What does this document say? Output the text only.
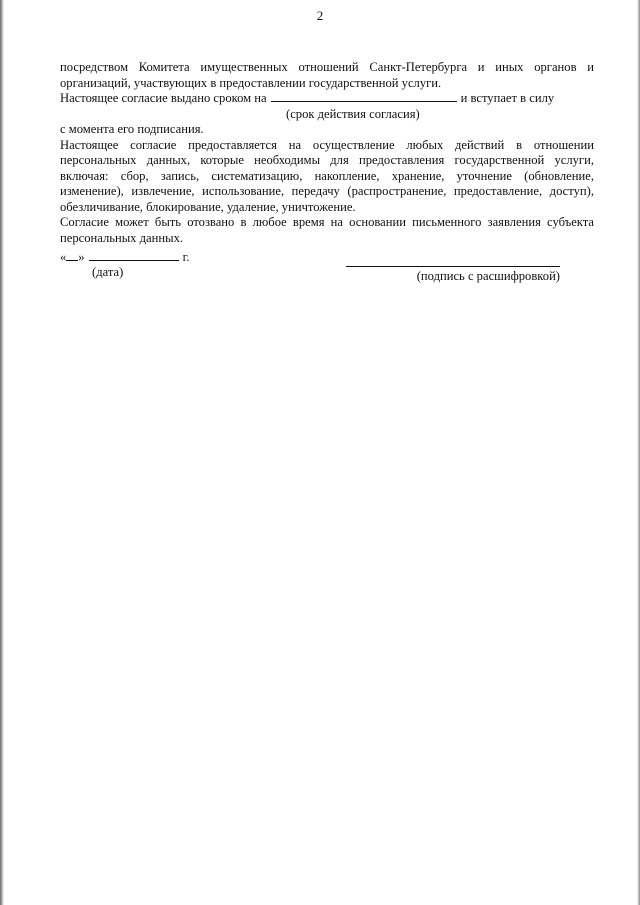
2

посредством Комитета имущественных отношений Санкт-Петербурга и иных органов и организаций, участвующих в предоставлении государственной услуги.

Настоящее согласие выдано сроком на	и вступает в силу
(срок действия согласия)

с момента его подписания.

Настоящее согласие предоставляется на осуществление любых действий в отношении персональных данных, которые необходимы для предоставления государственной услуги, включая: сбор, запись, систематизацию, накопление, хранение, уточнение (обновление, изменение), извлечение, использование, передачу (распространение, предоставление, доступ), обезличивание, блокирование, удаление, уничтожение.

Согласие может быть отозвано в любое время на основании письменного заявления субъекта персональных данных.

« »	г.
(дата)	(подпись с расшифровкой)
